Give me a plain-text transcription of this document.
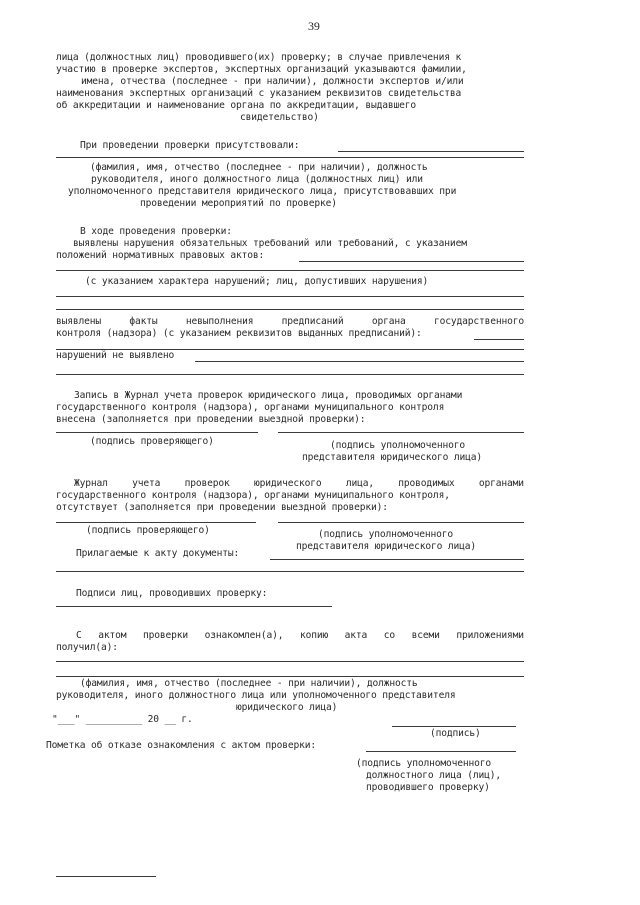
39
лица (должностных лиц) проводившего(их) проверку; в случае привлечения к
участию в проверке экспертов, экспертных организаций указываются фамилии,
имена, отчества (последнее - при наличии), должности экспертов и/или
наименования экспертных организаций с указанием реквизитов свидетельства
об аккредитации и наименование органа по аккредитации, выдавшего
свидетельство)
При проведении проверки присутствовали:
(фамилия, имя, отчество (последнее - при наличии), должность
руководителя, иного должностного лица (должностных лиц) или
уполномоченного представителя юридического лица, присутствовавших при
проведении мероприятий по проверке)
В ходе проведения проверки:
выявлены нарушения обязательных требований или требований, с указанием
положений нормативных правовых актов:
(с указанием характера нарушений; лиц, допустивших нарушения)
выявлены	факты	невыполнения	предписаний	органа	государственного
контроля (надзора) (с указанием реквизитов выданных предписаний):
нарушений не выявлено
Запись в Журнал учета проверок юридического лица, проводимых органами
государственного контроля (надзора), органами муниципального контроля
внесена (заполняется при проведении выездной проверки):
(подпись проверяющего)	(подпись уполномоченного
представителя юридического лица)
Журнал	учета	проверок	юридического	лица,	проводимых	органами
государственного контроля (надзора), органами муниципального контроля,
отсутствует (заполняется при проведении выездной проверки):
(подпись проверяющего)	(подпись уполномоченного
представителя юридического лица)
Прилагаемые к акту документы:
Подписи лиц, проводивших проверку:
С актом проверки ознакомлен(а), копию акта со всеми приложениями
получил(а):
(фамилия, имя, отчество (последнее - при наличии), должность
руководителя, иного должностного лица или уполномоченного представителя
юридического лица)
"___" __________ 20 __ г.
(подпись)
Пометка об отказе ознакомления с актом проверки:
(подпись уполномоченного
должностного лица (лиц),
проводившего проверку)
